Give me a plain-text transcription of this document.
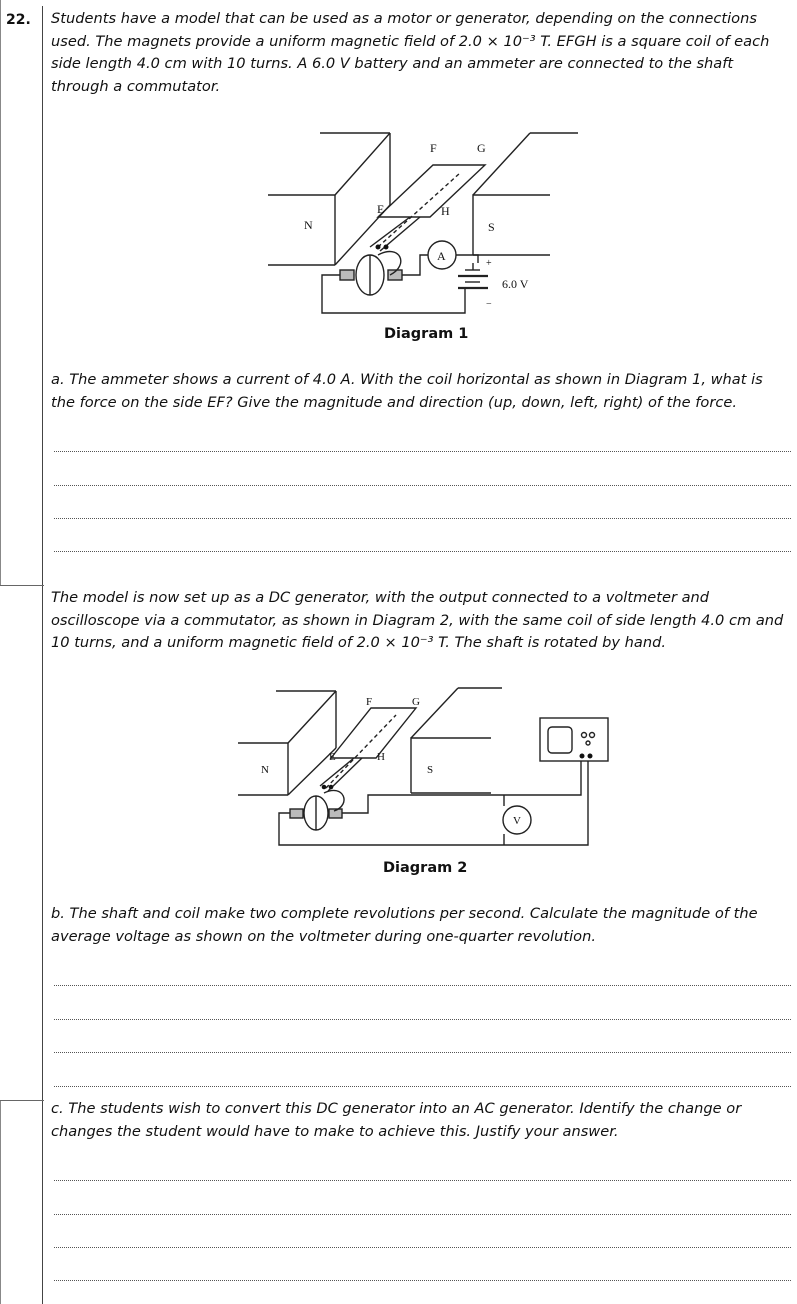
22. Students have a model that can be used as a motor or generator, depending on the connections used. The magnets provide a uniform magnetic field of 2.0 × 10⁻³ T. EFGH is a square coil of each side length 4.0 cm with 10 turns. A 6.0 V battery and an ammeter are connected to the shaft through a commutator.

N	S
E
F	G
H
A
6.0 V
+
−
Diagram 1

a. The ammeter shows a current of 4.0 A. With the coil horizontal as shown in Diagram 1, what is the force on the side EF? Give the magnitude and direction (up, down, left, right) of the force.

The model is now set up as a DC generator, with the output connected to a voltmeter and oscilloscope via a commutator, as shown in Diagram 2, with the same coil of side length 4.0 cm and 10 turns, and a uniform magnetic field of 2.0 × 10⁻³ T. The shaft is rotated by hand.

N	S
E
F	G
H
V
Diagram 2

b. The shaft and coil make two complete revolutions per second. Calculate the magnitude of the average voltage as shown on the voltmeter during one-quarter revolution.

c. The students wish to convert this DC generator into an AC generator. Identify the change or changes the student would have to make to achieve this. Justify your answer.
